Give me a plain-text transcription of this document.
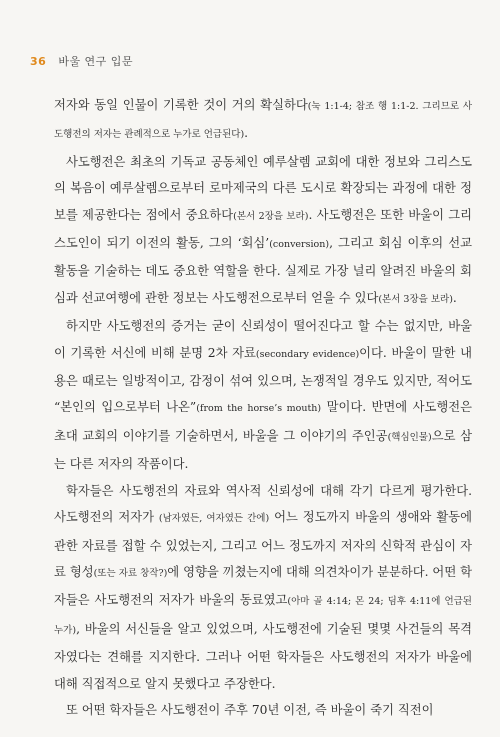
36 바울 연구 입문

저자와 동일 인물이 기록한 것이 거의 확실하다(눅 1:1-4; 참조 행 1:1-2. 그리므로 사도행전의 저자는 관례적으로 누가로 언급된다).

사도행전은 최초의 기독교 공동체인 예루살렘 교회에 대한 정보와 그리스도의 복음이 예루살렘으로부터 로마제국의 다른 도시로 확장되는 과정에 대한 정보를 제공한다는 점에서 중요하다(본서 2장을 보라). 사도행전은 또한 바울이 그리스도인이 되기 이전의 활동, 그의 ‘회심’(conversion), 그리고 회심 이후의 선교활동을 기술하는 데도 중요한 역할을 한다. 실제로 가장 널리 알려진 바울의 회심과 선교여행에 관한 정보는 사도행전으로부터 얻을 수 있다(본서 3장을 보라).

하지만 사도행전의 증거는 굳이 신뢰성이 떨어진다고 할 수는 없지만, 바울이 기록한 서신에 비해 분명 2차 자료(secondary evidence)이다. 바울이 말한 내용은 때로는 일방적이고, 감정이 섞여 있으며, 논쟁적일 경우도 있지만, 적어도 “본인의 입으로부터 나온”(from the horse’s mouth) 말이다. 반면에 사도행전은 초대 교회의 이야기를 기술하면서, 바울을 그 이야기의 주인공(핵심인물)으로 삼는 다른 저자의 작품이다.

학자들은 사도행전의 자료와 역사적 신뢰성에 대해 각기 다르게 평가한다. 사도행전의 저자가 (남자였든, 여자였든 간에) 어느 정도까지 바울의 생애와 활동에 관한 자료를 접할 수 있었는지, 그리고 어느 정도까지 저자의 신학적 관심이 자료 형성(또는 자료 창작?)에 영향을 끼쳤는지에 대해 의견차이가 분분하다. 어떤 학자들은 사도행전의 저자가 바울의 동료였고(아마 골 4:14; 몬 24; 딤후 4:11에 언급된 누가), 바울의 서신들을 알고 있었으며, 사도행전에 기술된 몇몇 사건들의 목격자였다는 견해를 지지한다. 그러나 어떤 학자들은 사도행전의 저자가 바울에 대해 직접적으로 알지 못했다고 주장한다.

또 어떤 학자들은 사도행전이 주후 70년 이전, 즉 바울이 죽기 직전이
